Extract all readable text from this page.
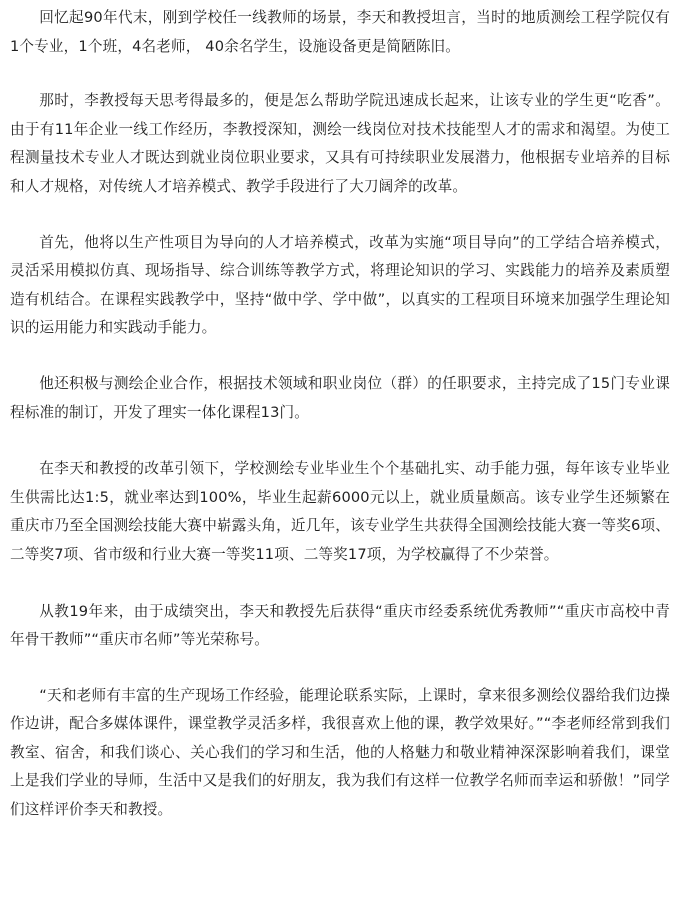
回忆起90年代末，刚到学校任一线教师的场景，李天和教授坦言，当时的地质测绘工程学院仅有1个专业，1个班，4名老师， 40余名学生，设施设备更是简陋陈旧。

那时，李教授每天思考得最多的，便是怎么帮助学院迅速成长起来，让该专业的学生更“吃香”。由于有11年企业一线工作经历，李教授深知，测绘一线岗位对技术技能型人才的需求和渴望。为使工程测量技术专业人才既达到就业岗位职业要求，又具有可持续职业发展潜力，他根据专业培养的目标和人才规格，对传统人才培养模式、教学手段进行了大刀阔斧的改革。

首先，他将以生产性项目为导向的人才培养模式，改革为实施“项目导向”的工学结合培养模式，灵活采用模拟仿真、现场指导、综合训练等教学方式，将理论知识的学习、实践能力的培养及素质塑造有机结合。在课程实践教学中，坚持“做中学、学中做”，以真实的工程项目环境来加强学生理论知识的运用能力和实践动手能力。

他还积极与测绘企业合作，根据技术领域和职业岗位（群）的任职要求，主持完成了15门专业课程标准的制订，开发了理实一体化课程13门。

在李天和教授的改革引领下，学校测绘专业毕业生个个基础扎实、动手能力强，每年该专业毕业生供需比达1:5，就业率达到100%，毕业生起薪6000元以上，就业质量颇高。该专业学生还频繁在重庆市乃至全国测绘技能大赛中崭露头角，近几年，该专业学生共获得全国测绘技能大赛一等奖6项、二等奖7项、省市级和行业大赛一等奖11项、二等奖17项，为学校赢得了不少荣誉。

从教19年来，由于成绩突出，李天和教授先后获得“重庆市经委系统优秀教师”“重庆市高校中青年骨干教师”“重庆市名师”等光荣称号。

“天和老师有丰富的生产现场工作经验，能理论联系实际，上课时，拿来很多测绘仪器给我们边操作边讲，配合多媒体课件，课堂教学灵活多样，我很喜欢上他的课，教学效果好。”“李老师经常到我们教室、宿舍，和我们谈心、关心我们的学习和生活，他的人格魅力和敬业精神深深影响着我们，课堂上是我们学业的导师，生活中又是我们的好朋友，我为我们有这样一位教学名师而幸运和骄傲！”同学们这样评价李天和教授。
